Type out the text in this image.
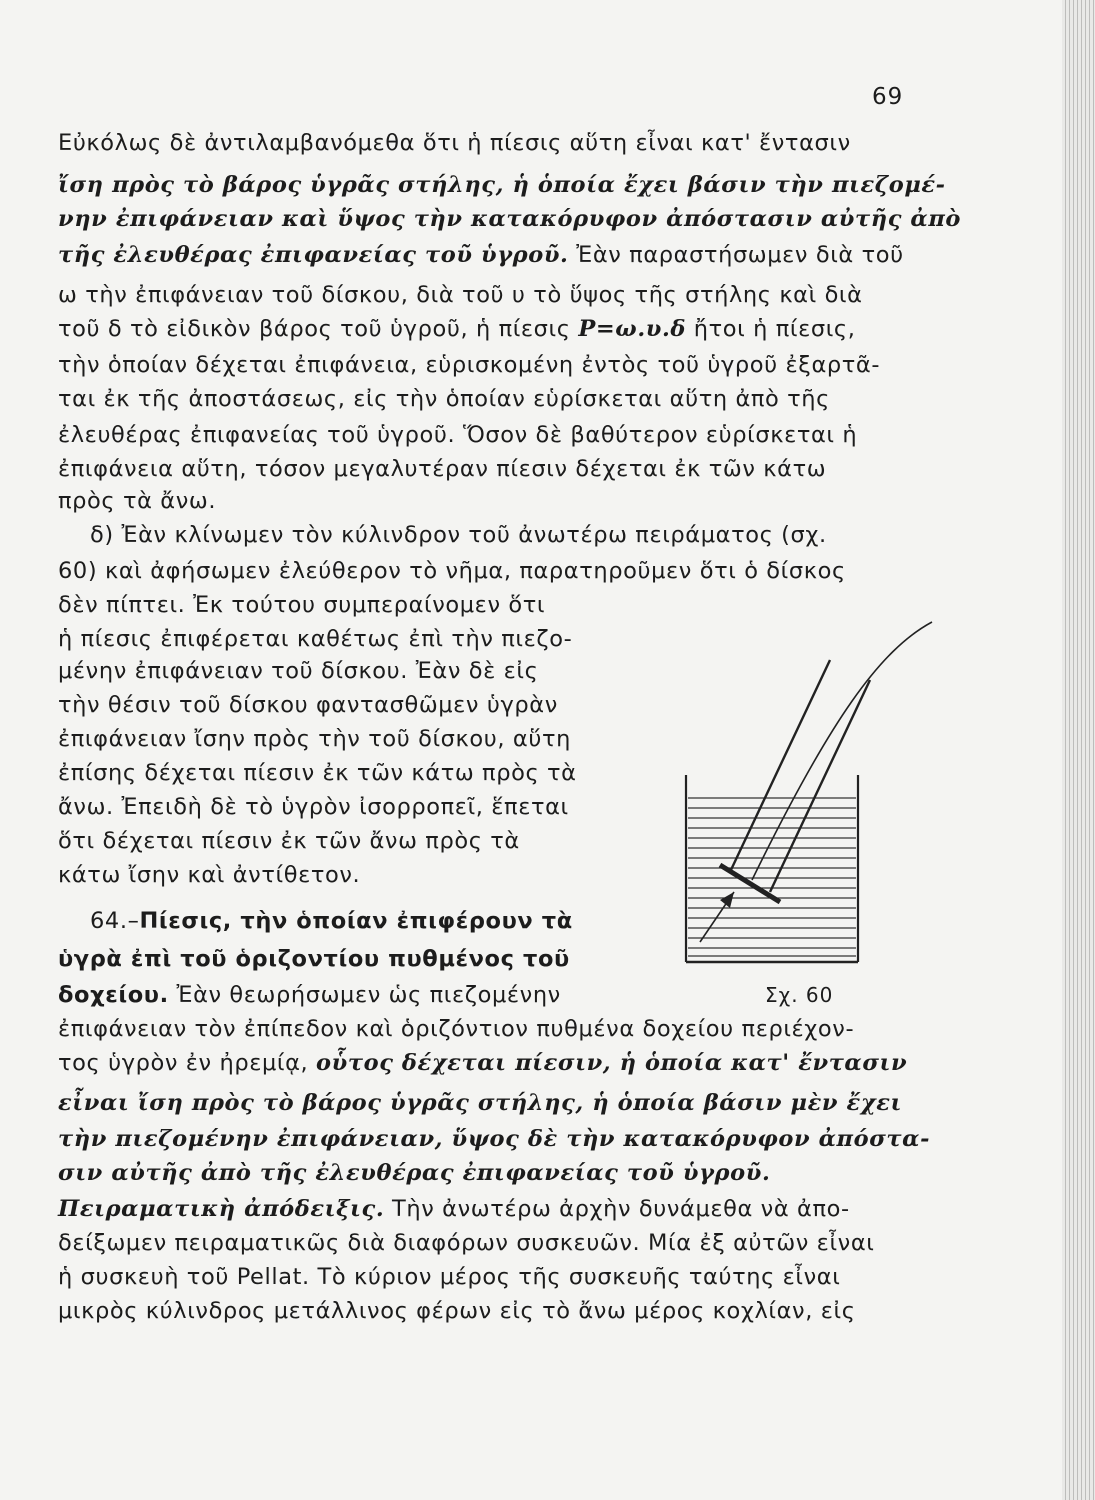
69
Εὐκόλως δὲ ἀντιλαμβανόμεθα ὅτι ἡ πίεσις αὕτη εἶναι κατ' ἔντασιν
ἴση πρὸς τὸ βάρος ὑγρᾶς στήλης, ἡ ὁποία ἔχει βάσιν τὴν πιεζομέ-
νην ἐπιφάνειαν καὶ ὕψος τὴν κατακόρυφον ἀπόστασιν αὐτῆς ἀπὸ
τῆς ἐλευθέρας ἐπιφανείας τοῦ ὑγροῦ. Ἐὰν παραστήσωμεν διὰ τοῦ
ω τὴν ἐπιφάνειαν τοῦ δίσκου, διὰ τοῦ υ τὸ ὕψος τῆς στήλης καὶ διὰ
τοῦ δ τὸ εἰδικὸν βάρος τοῦ ὑγροῦ, ἡ πίεσις P=ω.υ.δ ἤτοι ἡ πίεσις,
τὴν ὁποίαν δέχεται ἐπιφάνεια, εὑρισκομένη ἐντὸς τοῦ ὑγροῦ ἐξαρτᾶ-
ται ἐκ τῆς ἀποστάσεως, εἰς τὴν ὁποίαν εὑρίσκεται αὕτη ἀπὸ τῆς
ἐλευθέρας ἐπιφανείας τοῦ ὑγροῦ. Ὅσον δὲ βαθύτερον εὑρίσκεται ἡ
ἐπιφάνεια αὕτη, τόσον μεγαλυτέραν πίεσιν δέχεται ἐκ τῶν κάτω
πρὸς τὰ ἄνω.
δ) Ἐὰν κλίνωμεν τὸν κύλινδρον τοῦ ἀνωτέρω πειράματος (σχ.
60) καὶ ἀφήσωμεν ἐλεύθερον τὸ νῆμα, παρατηροῦμεν ὅτι ὁ δίσκος
δὲν πίπτει. Ἐκ τούτου συμπεραίνομεν ὅτι
ἡ πίεσις ἐπιφέρεται καθέτως ἐπὶ τὴν πιεζο-
μένην ἐπιφάνειαν τοῦ δίσκου. Ἐὰν δὲ εἰς
τὴν θέσιν τοῦ δίσκου φαντασθῶμεν ὑγρὰν
ἐπιφάνειαν ἴσην πρὸς τὴν τοῦ δίσκου, αὕτη
ἐπίσης δέχεται πίεσιν ἐκ τῶν κάτω πρὸς τὰ
ἄνω. Ἐπειδὴ δὲ τὸ ὑγρὸν ἰσορροπεῖ, ἕπεται
ὅτι δέχεται πίεσιν ἐκ τῶν ἄνω πρὸς τὰ
κάτω ἴσην καὶ ἀντίθετον.
64.–Πίεσις, τὴν ὁποίαν ἐπιφέρουν τὰ
ὑγρὰ ἐπὶ τοῦ ὁριζοντίου πυθμένος τοῦ
δοχείου. Ἐὰν θεωρήσωμεν ὡς πιεζομένην
ἐπιφάνειαν τὸν ἐπίπεδον καὶ ὁριζόντιον πυθμένα δοχείου περιέχον-
τος ὑγρὸν ἐν ἠρεμίᾳ, οὗτος δέχεται πίεσιν, ἡ ὁποία κατ' ἔντασιν
εἶναι ἴση πρὸς τὸ βάρος ὑγρᾶς στήλης, ἡ ὁποία βάσιν μὲν ἔχει
τὴν πιεζομένην ἐπιφάνειαν, ὕψος δὲ τὴν κατακόρυφον ἀπόστα-
σιν αὐτῆς ἀπὸ τῆς ἐλευθέρας ἐπιφανείας τοῦ ὑγροῦ.
Πειραματικὴ ἀπόδειξις. Τὴν ἀνωτέρω ἀρχὴν δυνάμεθα νὰ ἀπο-
δείξωμεν πειραματικῶς διὰ διαφόρων συσκευῶν. Μία ἐξ αὐτῶν εἶναι
ἡ συσκευὴ τοῦ Pellat. Τὸ κύριον μέρος τῆς συσκευῆς ταύτης εἶναι
μικρὸς κύλινδρος μετάλλινος φέρων εἰς τὸ ἄνω μέρος κοχλίαν, εἰς
Σχ. 60
